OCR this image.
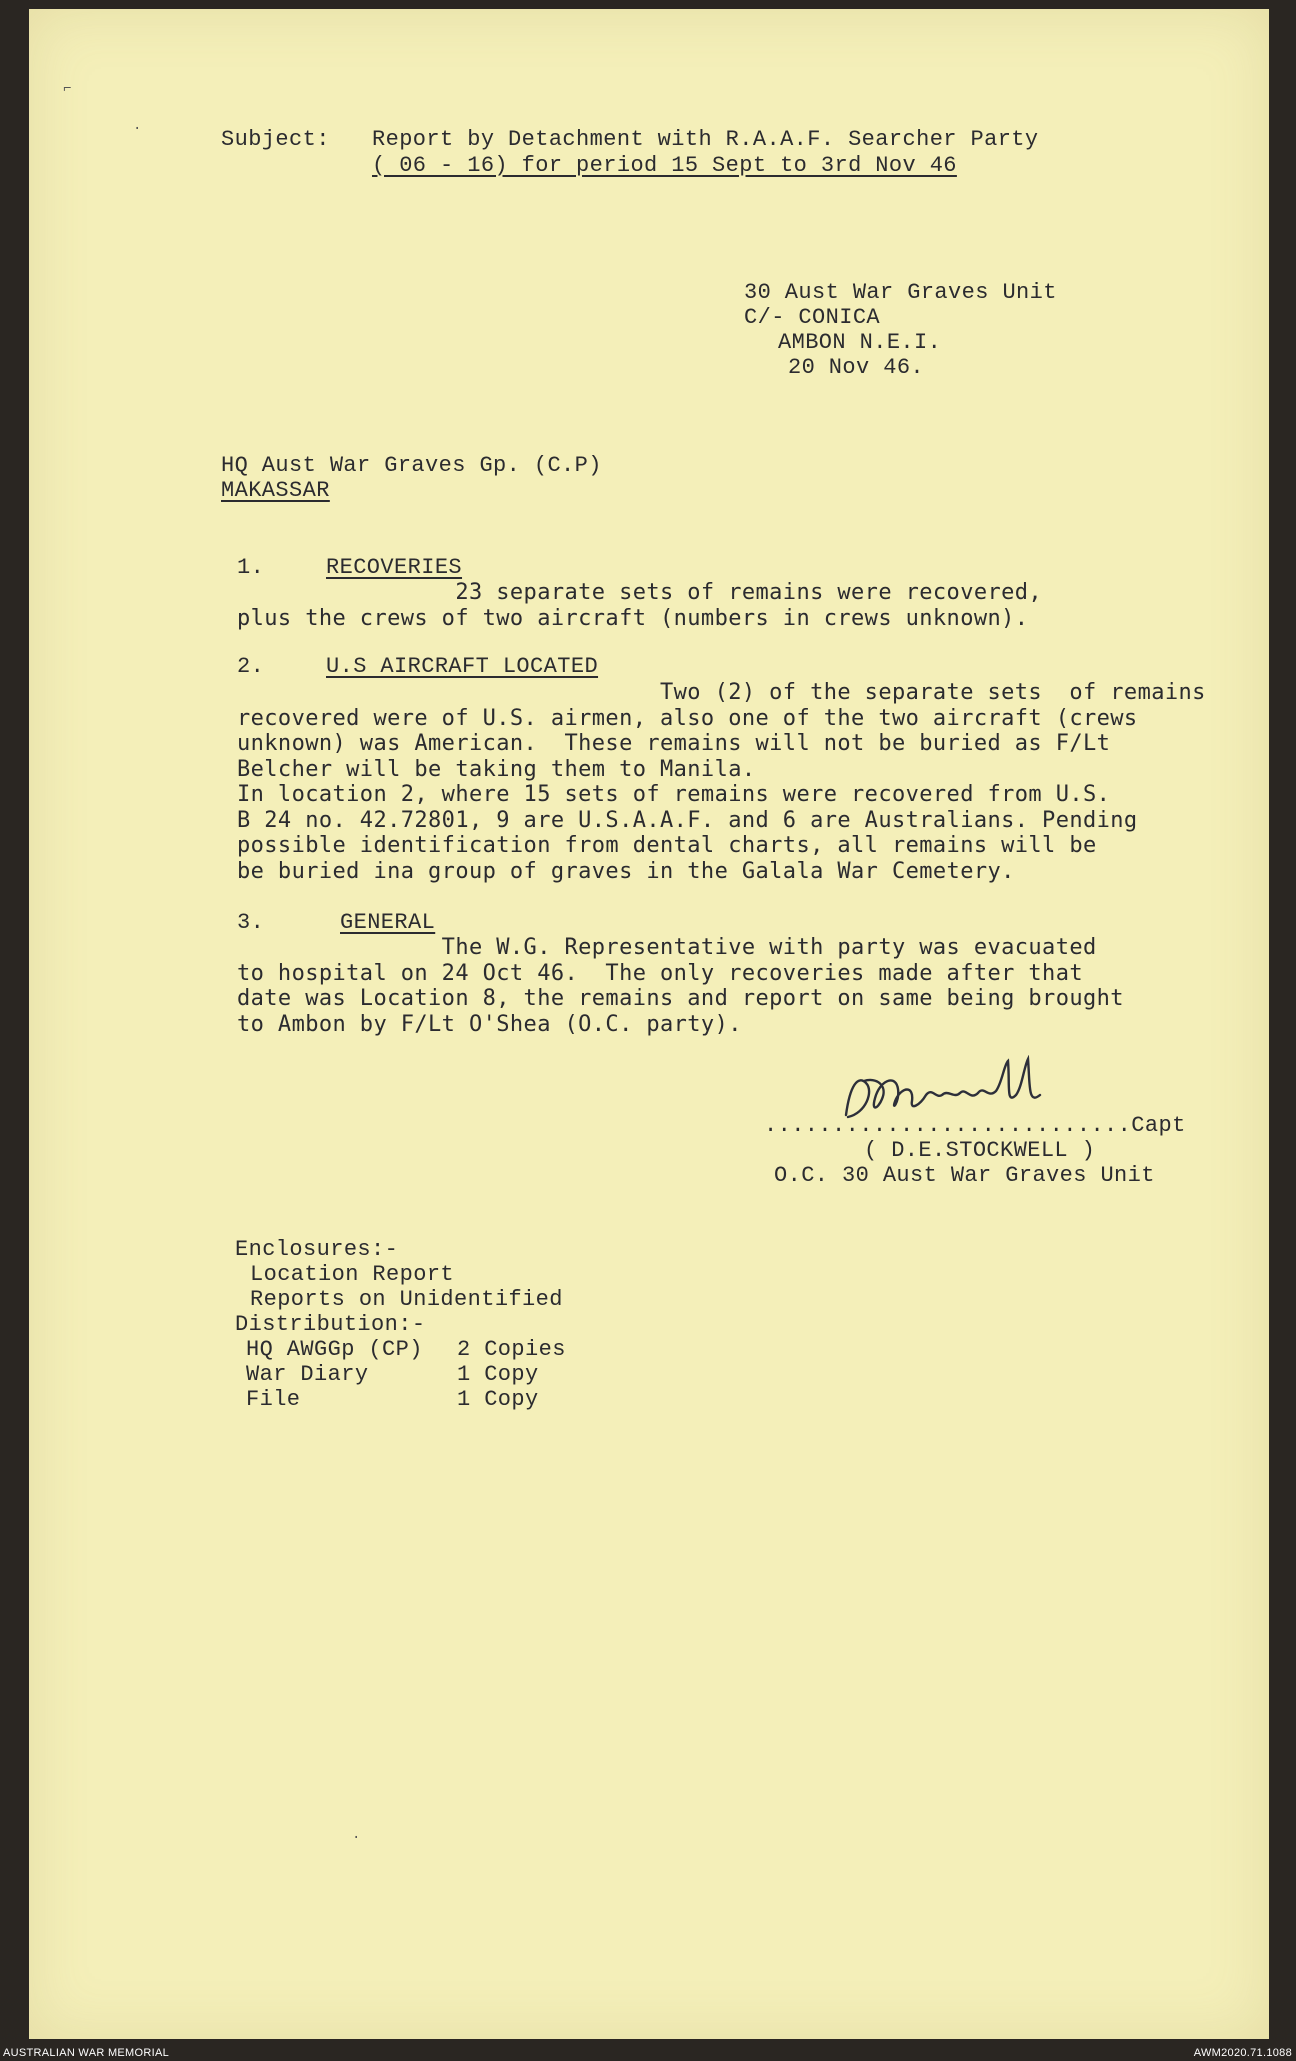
⌐
·	Subject: Report by Detachment with R.A.A.F. Searcher Party
( 06 - 16) for period 15 Sept to 3rd Nov 46
30 Aust War Graves Unit
C/- CONICA
AMBON N.E.I.
20 Nov 46.
HQ Aust War Graves Gp. (C.P)
MAKASSAR
1.	RECOVERIES
23 separate sets of remains were recovered,
plus the crews of two aircraft (numbers in crews unknown).
2.	U.S AIRCRAFT LOCATED
Two (2) of the separate sets  of remains
recovered were of U.S. airmen, also one of the two aircraft (crews
unknown) was American.  These remains will not be buried as F/Lt
Belcher will be taking them to Manila.
In location 2, where 15 sets of remains were recovered from U.S.
B 24 no. 42.72801, 9 are U.S.A.A.F. and 6 are Australians. Pending
possible identification from dental charts, all remains will be
be buried ina group of graves in the Galala War Cemetery.
3.	GENERAL
The W.G. Representative with party was evacuated
to hospital on 24 Oct 46.  The only recoveries made after that
date was Location 8, the remains and report on same being brought
to Ambon by F/Lt O'Shea (O.C. party).
...........................Capt
( D.E.STOCKWELL )
O.C. 30 Aust War Graves Unit
Enclosures:-
Location Report
Reports on Unidentified
Distribution:-
HQ AWGGp (CP) 2 Copies
War Diary	1 Copy
File	1 Copy
·
AUSTRALIAN WAR MEMORIAL	AWM2020.71.1088
